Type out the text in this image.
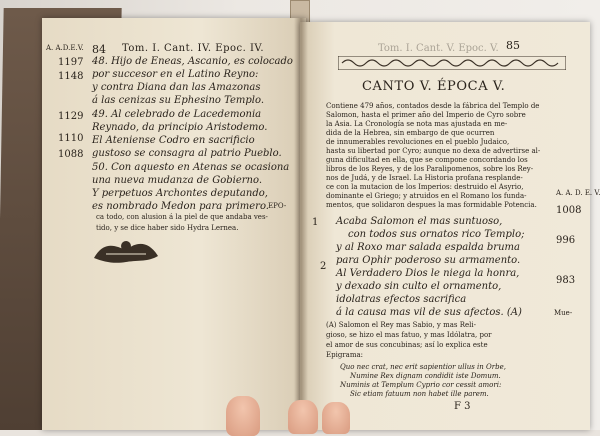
A. A.D.E.V. 84 Tom. I. Cant. IV. Epoc. IV.
1197
1148
1129
1110
1088
48. Hijo de Eneas, Ascanio, es colocado
por succesor en el Latino Reyno:
y contra Diana dan las Amazonas
á las cenizas su Ephesino Templo.
49. Al celebrado de Lacedemonia
Reynado, da principio Aristodemo.
El Ateniense Codro en sacrificio
gustoso se consagra al patrio Pueblo.
50. Con aquesto en Atenas se ocasiona
una nueva mudanza de Gobierno.
Y perpetuos Archontes deputando,
es nombrado Medon para primero. EPO-
ca todo, con alusion á la piel de que andaba ves-
tido, y se dice haber sido Hydra Lernea.
Tom. I. Cant. V. Epoc. V. 85
CANTO V. ÉPOCA V.
A. A. D. E. V.
Contiene 479 años, contados desde la fábrica del Templo de
Salomon, hasta el primer año del Imperio de Cyro sobre
la Asia. La Cronología se nota mas ajustada en me-
dida de la Hebrea, sin embargo de que ocurren
de innumerables revoluciones en el pueblo Judaico,
hasta su libertad por Cyro; aunque no dexa de advertirse al-
guna dificultad en ella, que se compone concordando los
libros de los Reyes, y de los Paralipomenos, sobre los Rey-
nos de Judá, y de Israel. La Historia profana resplande-
ce con la mutacion de los Imperios: destruido el Asyrio,
dominante el Griego; y atruidos en el Romano los funda-
mentos, que solidaron despues la mas formidable Potencia.
1
2
Acaba Salomon el mas suntuoso,
con todos sus ornatos rico Templo;
y al Roxo mar salada espalda bruma
para Ophir poderoso su armamento.
Al Verdadero Dios le niega la honra,
y dexado sin culto el ornamento,
idolatras efectos sacrifica
á la causa mas vil de sus afectos. (A)
1008
996
983
Mue-
(A) Salomon el Rey mas Sabio, y mas Reli-
gioso, se hizo el mas fatuo, y mas Idólatra, por
el amor de sus concubinas; así lo explica este
Epigrama:
Quo nec crat, nec erit sapientior ullus in Orbe,
Numine Rex dignam condidit iste Domum.
Numinis at Templum Cyprio cor cessit amori:
Sic etiam fatuum non habet ille parem.
F 3
